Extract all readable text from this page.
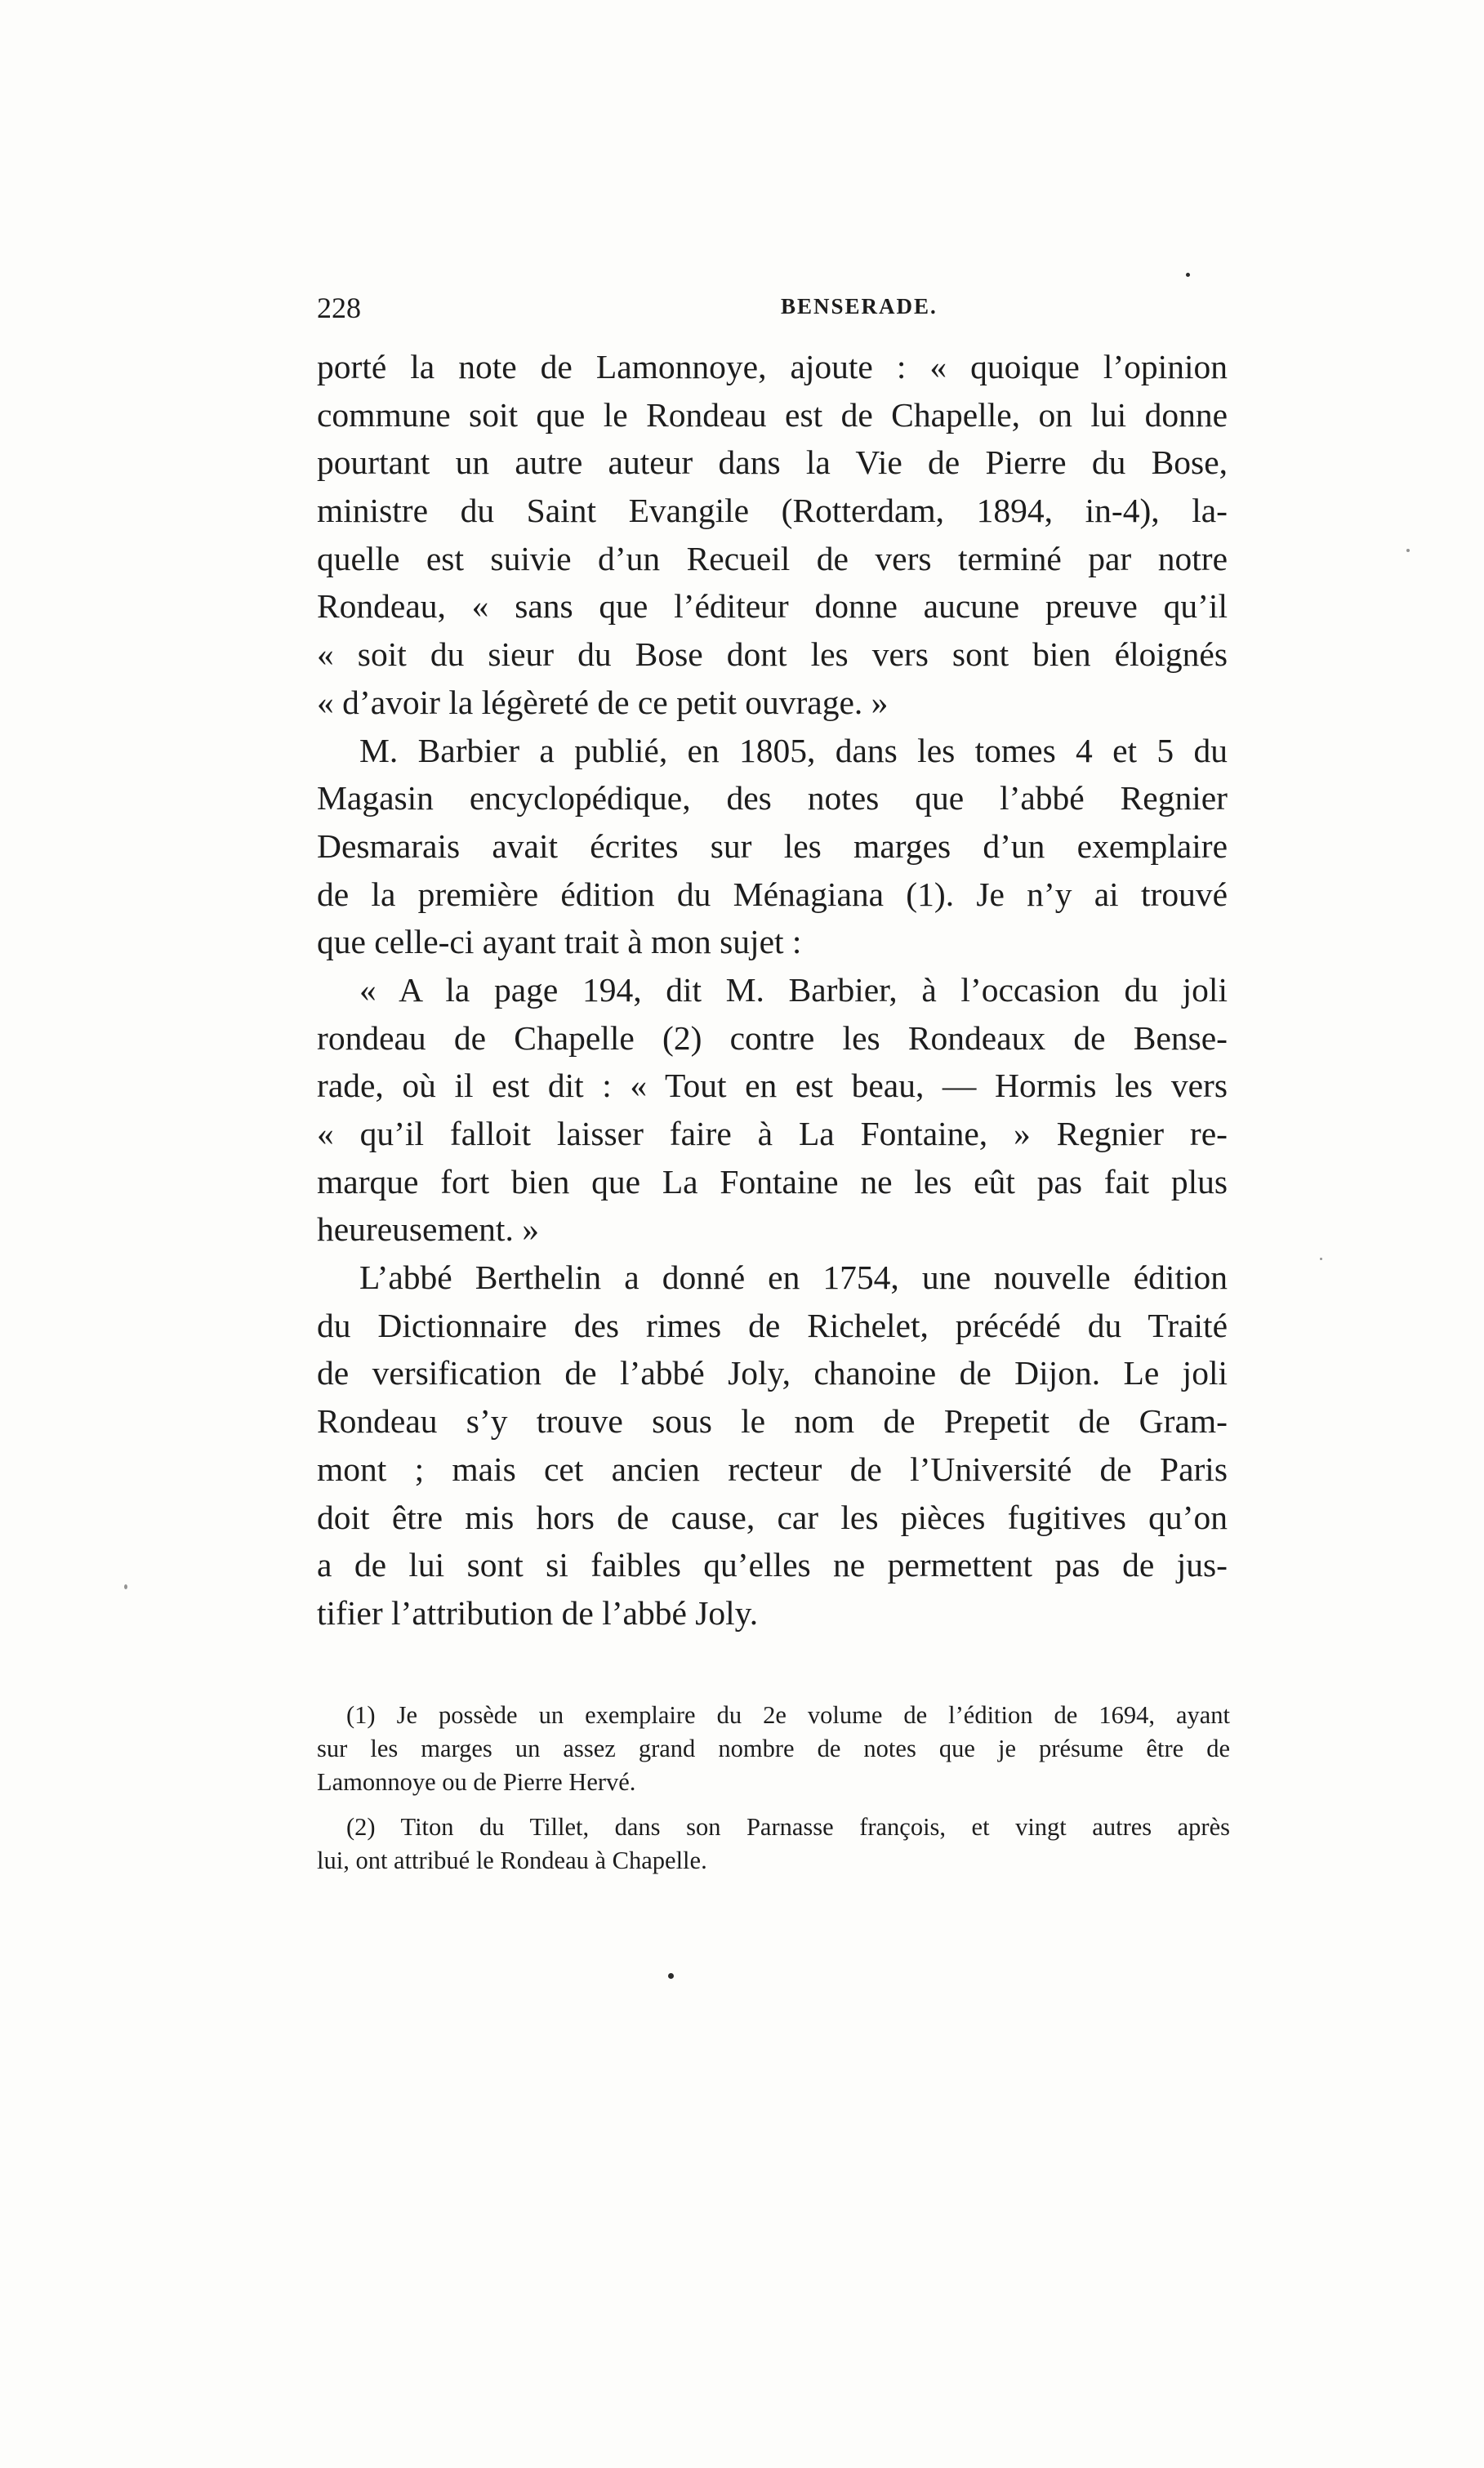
228	BENSERADE.
porté la note de Lamonnoye, ajoute : « quoique l’opinion
commune soit que le Rondeau est de Chapelle, on lui donne
pourtant un autre auteur dans la Vie de Pierre du Bose,
ministre du Saint Evangile (Rotterdam, 1894, in-4), la-
quelle est suivie d’un Recueil de vers terminé par notre
Rondeau, « sans que l’éditeur donne aucune preuve qu’il
« soit du sieur du Bose dont les vers sont bien éloignés
« d’avoir la légèreté de ce petit ouvrage. »
M. Barbier a publié, en 1805, dans les tomes 4 et 5 du
Magasin encyclopédique, des notes que l’abbé Regnier
Desmarais avait écrites sur les marges d’un exemplaire
de la première édition du Ménagiana (1). Je n’y ai trouvé
que celle-ci ayant trait à mon sujet :
« A la page 194, dit M. Barbier, à l’occasion du joli
rondeau de Chapelle (2) contre les Rondeaux de Bense-
rade, où il est dit : « Tout en est beau, — Hormis les vers
« qu’il falloit laisser faire à La Fontaine, » Regnier re-
marque fort bien que La Fontaine ne les eût pas fait plus
heureusement. »
L’abbé Berthelin a donné en 1754, une nouvelle édition
du Dictionnaire des rimes de Richelet, précédé du Traité
de versification de l’abbé Joly, chanoine de Dijon. Le joli
Rondeau s’y trouve sous le nom de Prepetit de Gram-
mont ; mais cet ancien recteur de l’Université de Paris
doit être mis hors de cause, car les pièces fugitives qu’on
a de lui sont si faibles qu’elles ne permettent pas de jus-
tifier l’attribution de l’abbé Joly.
(1) Je possède un exemplaire du 2e volume de l’édition de 1694, ayant
sur les marges un assez grand nombre de notes que je présume être de
Lamonnoye ou de Pierre Hervé.
(2) Titon du Tillet, dans son Parnasse françois, et vingt autres après
lui, ont attribué le Rondeau à Chapelle.
